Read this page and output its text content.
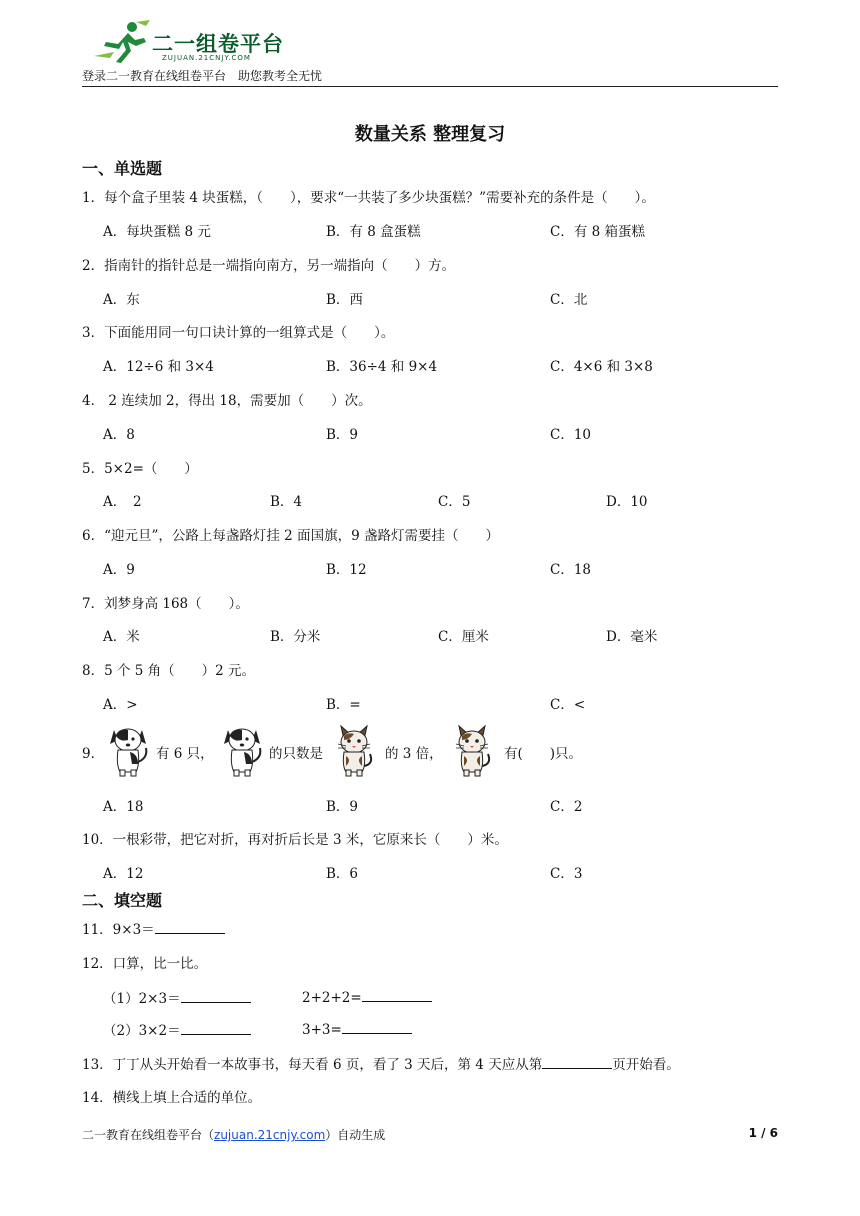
二一组卷平台
ZUJUAN.21CNJY.COM
登录二一教育在线组卷平台　助您教考全无忧
数量关系 整理复习
一、单选题
1．每个盒子里装 4 块蛋糕，（　　），要求“一共装了多少块蛋糕？”需要补充的条件是（　　）。
A．每块蛋糕 8 元	B．有 8 盒蛋糕	C．有 8 箱蛋糕
2．指南针的指针总是一端指向南方，另一端指向（　　）方。
A．东	B．西	C．北
3．下面能用同一句口诀计算的一组算式是（　　）。
A．12÷6 和 3×4	B．36÷4 和 9×4	C．4×6 和 3×8
4． 2 连续加 2，得出 18，需要加（　　）次。
A．8	B．9	C．10
5．5×2=（　　）
A．　2	B．4	C．5	D．10
6．“迎元旦”，公路上每盏路灯挂 2 面国旗，9 盏路灯需要挂（　　）
A．9	B．12	C．18
7．刘梦身高 168（　　）。
A．米	B．分米	C．厘米	D．毫米
8．5 个 5 角（　　）2 元。
A．>	B．=	C．<
9．	有 6 只，	的只数是	的 3 倍，	有(　　)只。
A．18	B．9	C．2
10．一根彩带，把它对折，再对折后长是 3 米，它原来长（　　）米。
A．12	B．6	C．3
二、填空题
11．9×3＝
12．口算，比一比。
（1）2×3＝	2+2+2=
（2）3×2＝	3+3=
13．丁丁从头开始看一本故事书，每天看 6 页，看了 3 天后，第 4 天应从第	页开始看。
14．横线上填上合适的单位。
二一教育在线组卷平台（zujuan.21cnjy.com）自动生成	1 / 6
